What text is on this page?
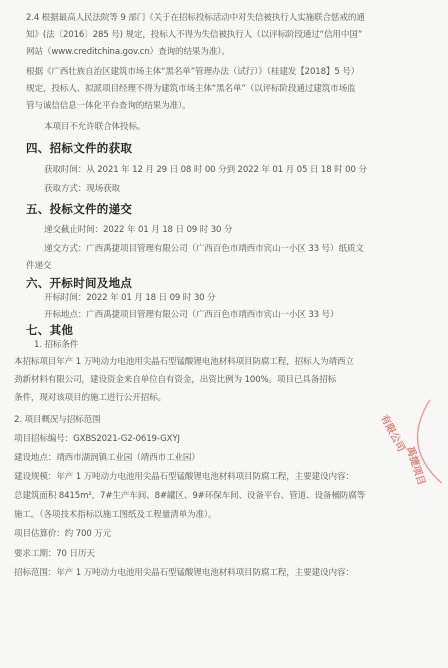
2.4 根据最高人民法院等 9 部门《关于在招标投标活动中对失信被执行人实施联合惩戒的通
知》(法〔2016〕285 号) 规定，投标人不得为失信被执行人（以评标阶段通过“信用中国”
网站（www.creditchina.gov.cn）查询的结果为准）。
根据《广西壮族自治区建筑市场主体“黑名单”管理办法（试行）》（桂建发【2018】5 号）
规定，投标人、拟派项目经理不得为建筑市场主体“黑名单”（以评标阶段通过建筑市场监
管与诚信信息一体化平台查询的结果为准）。
本项目不允许联合体投标。
四、招标文件的获取
获取时间：从 2021 年 12 月 29 日 08 时 00 分到 2022 年 01 月 05 日 18 时 00 分
获取方式：现场获取
五、投标文件的递交
递交截止时间：2022 年 01 月 18 日 09 时 30 分
递交方式：广西禹捷项目管理有限公司（广西百色市靖西市宾山一小区 33 号）纸质文
件递交
六、开标时间及地点
开标时间：2022 年 01 月 18 日 09 时 30 分
开标地点：广西禹捷项目管理有限公司（广西百色市靖西市宾山一小区 33 号）
七、其他
1. 招标条件
本招标项目年产 1 万吨动力电池用尖晶石型锰酸锂电池材料项目防腐工程，招标人为靖西立
劲新材料有限公司，建设资金来自单位自有资金，出资比例为 100%。项目已具备招标
条件，现对该项目的施工进行公开招标。
2. 项目概况与招标范围
项目招标编号：GXBS2021-G2-0619-GXYJ
建设地点：靖西市湖润镇工业园（靖西市工业园）
建设规模：年产 1 万吨动力电池用尖晶石型锰酸锂电池材料项目防腐工程，主要建设内容：
总建筑面积 8415m²，7#生产车间、8#罐区、9#环保车间、设备平台、管道、设备桶防腐等
施工。（各项技术指标以施工图纸及工程量清单为准）。
项目估算价：约 700 万元
要求工期：70 日历天
招标范围：年产 1 万吨动力电池用尖晶石型锰酸锂电池材料项目防腐工程，主要建设内容：
有限公司
禹捷项目
